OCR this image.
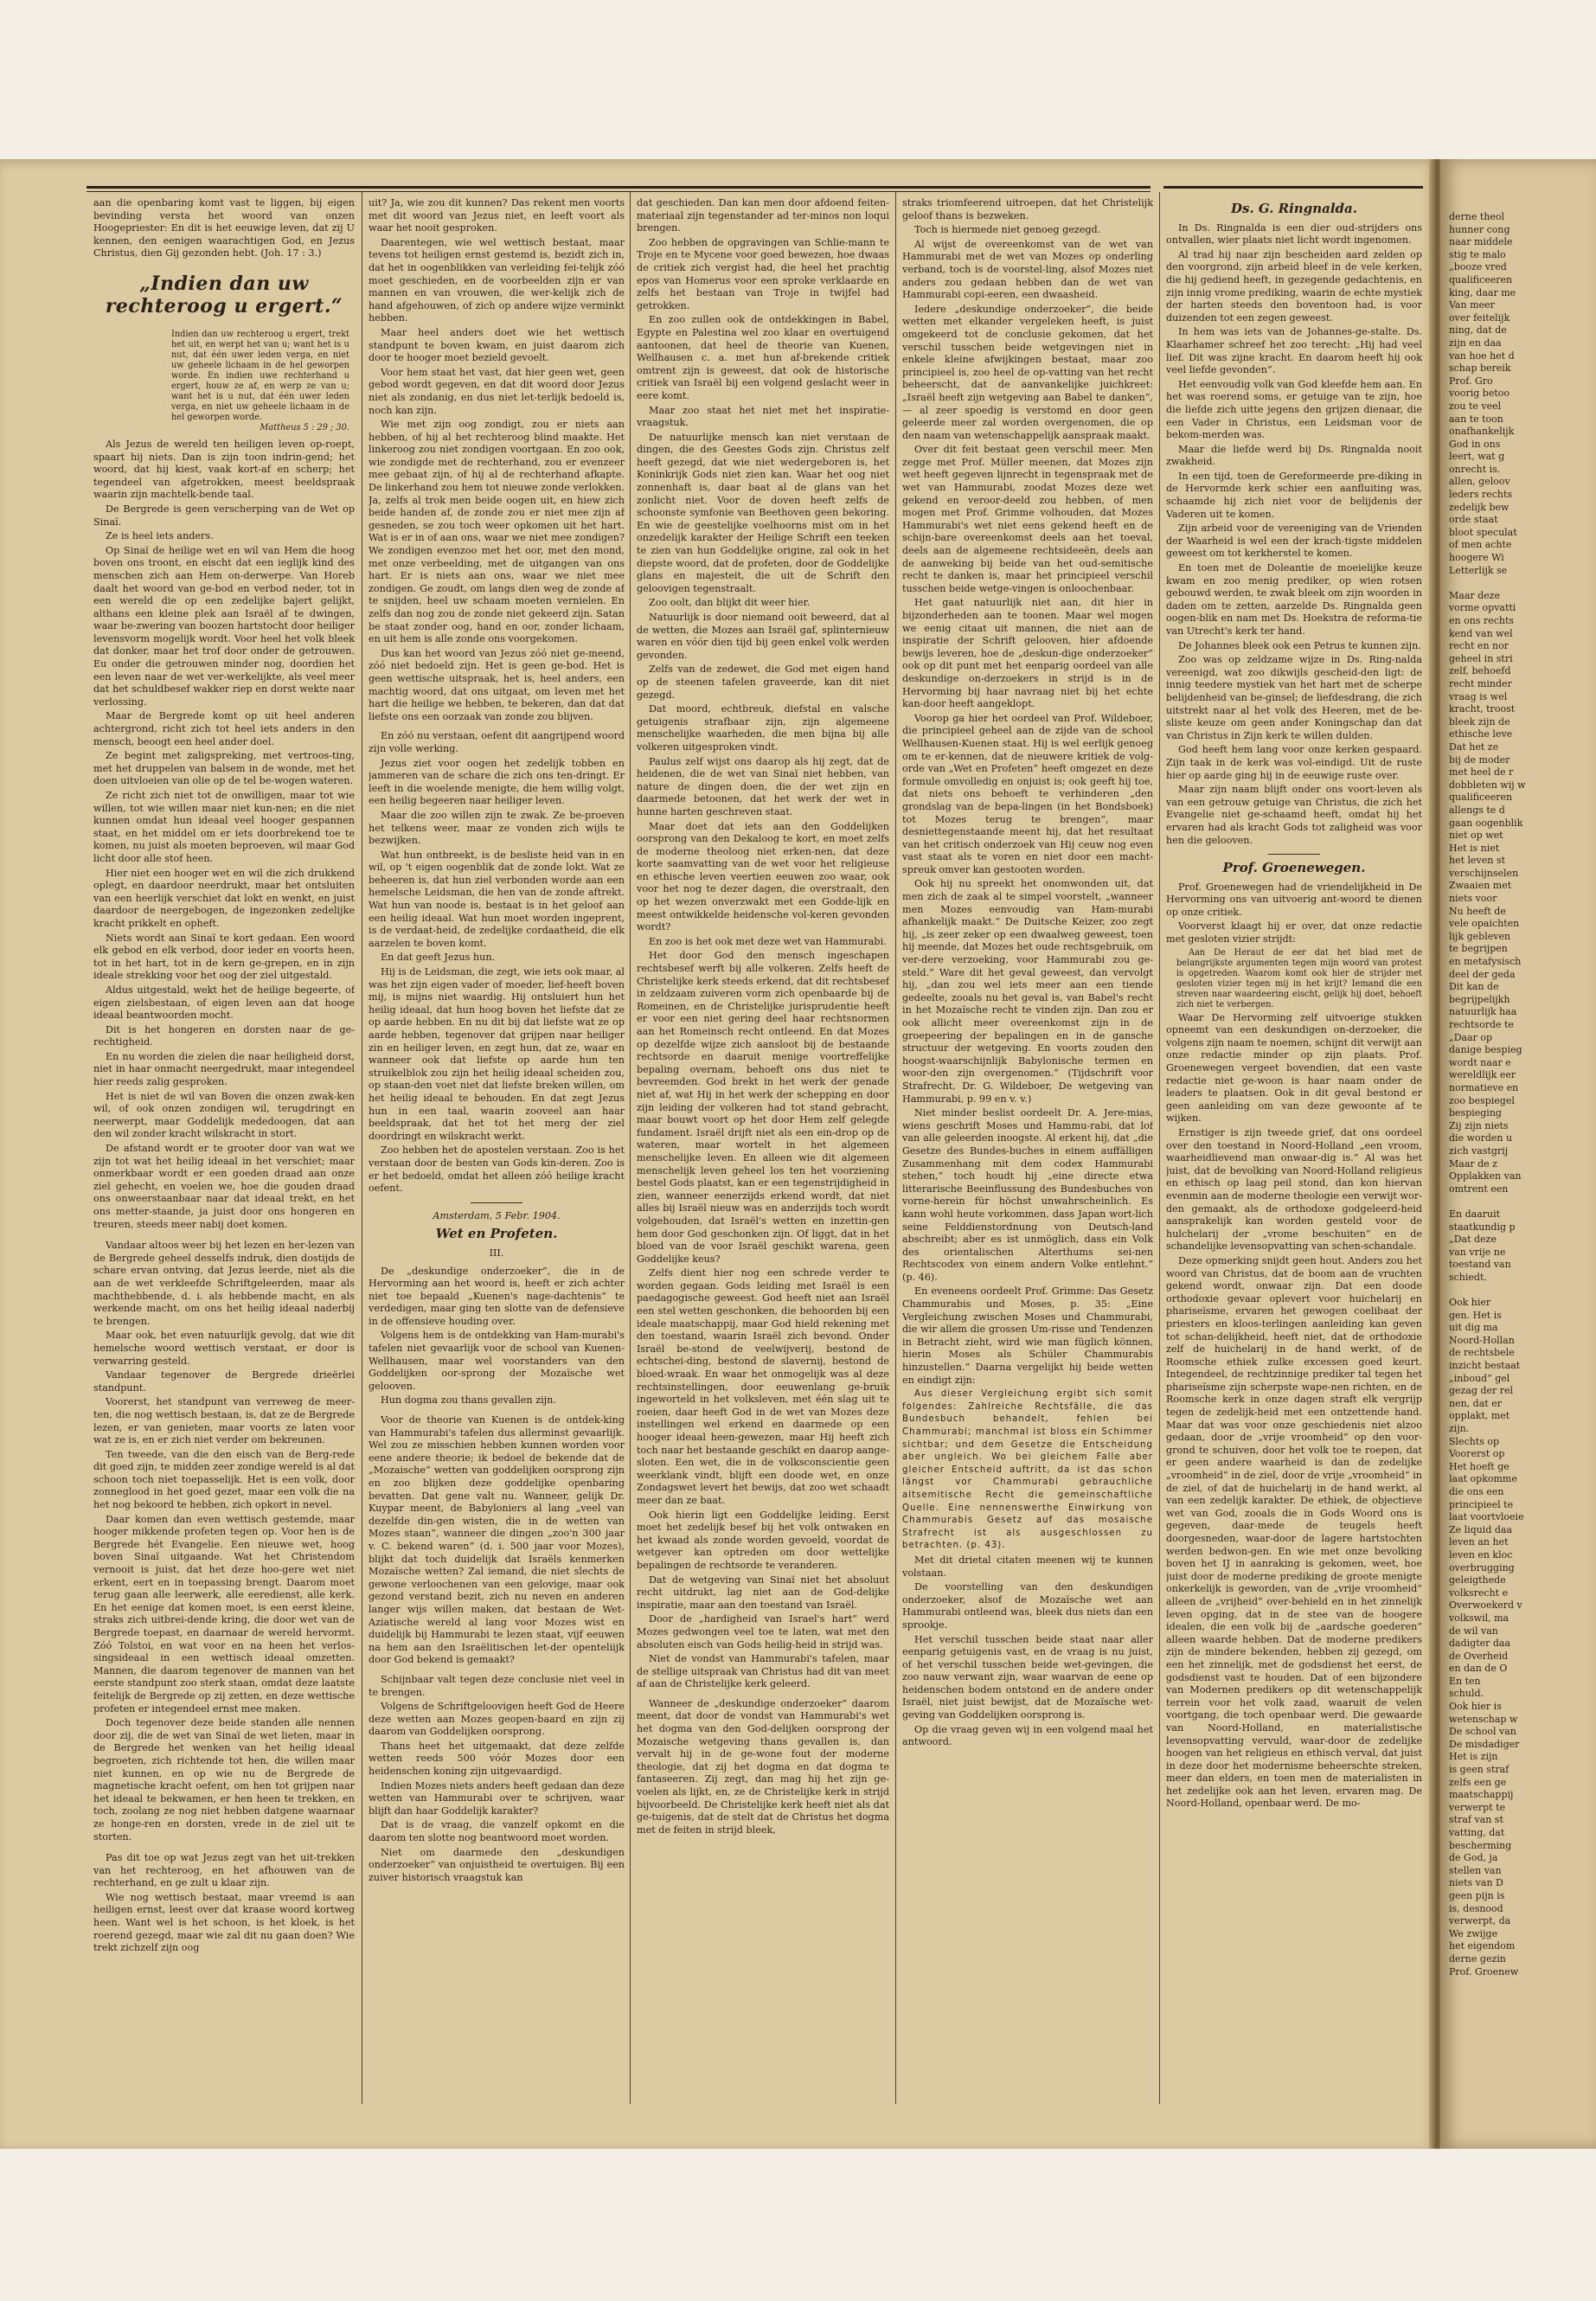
derne theol
hunner cong
naar middele
stig te malo
„booze vred
qualificeeren
king, daar me
Van meer
over feitelijk
ning, dat de
zijn en daa
van hoe het d
schap bereik
Prof. Gro
voorig betoo
zou te veel
aan te toon
onafhankelijk
God in ons
leert, wat g
onrecht is.
allen, geloov
leders rechts
zedelijk bew
orde staat
bloot speculat
of men achte
hoogere Wi
Letterlijk se

Maar deze
vorme opvatti
en ons rechts
kend van wel
recht en nor
geheel in stri
zelf, behoefd
recht minder
vraag is wel
kracht, troost
bleek zijn de
ethische leve
Dat het ze
bij de moder
met heel de r
dobbleten wij w
qualificeeren
allengs te d
gaan oogenblik
niet op wet
Het is niet
het leven st
verschijnselen
Zwaaien met
niets voor
Nu heeft de
vele opaichten
lijk gebleven
te begrijpen
en metafysisch
deel der geda
Dit kan de
begrijpelijkh
natuurlijk haa
rechtsorde te
„Daar op
danige bespieg
wordt naar e
wereldlijk eer
normatieve en
zoo bespiegel
bespieging
Zij zijn niets
die worden u
zich vastgrij
Maar de z
Opplakken van
omtrent een

En daaruit
staatkundig p
„Dat deze
van vrije ne
toestand van
schiedt.

Ook hier
gen. Het is
uit dig ma
Noord-Hollan
de rechtsbele
inzicht bestaat
„inboud“ gel
gezag der rel
nen, dat er
opplakt, met
zijn.
Slechts op
Voorerst op
Het hoeft ge
laat opkomme
die ons een
principieel te
laat voortvloeie
Ze liquid daa
leven an het
leven en kloc
overbrugging
geleigthede
volksrecht e
Overwoekerd v
volkswil, ma
de wil van
dadigter daa
de Overheid
en dan de O
En ten
schuld.
Ook hier is
wetenschap w
De school van
De misdadiger
Het is zijn
is geen straf
zelfs een ge
maatschappij
verwerpt te
straf van st
vatting, dat
bescherming
de God, ja
stellen van
niets van D
geen pijn is
is, desnood
verwerpt, da
We zwijge
het eigendom
derne gezin
Prof. Groenew

aan die openbaring komt vast te liggen, bij eigen bevinding versta het woord van onzen Hoogepriester: En dit is het eeuwige leven, dat zij U kennen, den eenigen waarachtigen God, en Jezus Christus, dien Gij gezonden hebt. (Joh. 17 : 3.)

„Indien dan uw rechteroog u ergert.“
Indien dan uw rechteroog u ergert, trekt het uit, en werpt het van u; want het is u nut, dat één uwer leden verga, en niet uw geheele lichaam in de hel geworpen worde. En indien uwe rechterhand u ergert, houw ze af, en werp ze van u; want het is u nut, dat één uwer leden verga, en niet uw geheele lichaam in de hel geworpen worde.
Mattheus 5 : 29 ; 30.

Als Jezus de wereld ten heiligen leven op-roept, spaart hij niets. Dan is zijn toon indrin-gend; het woord, dat hij kiest, vaak kort-af en scherp; het tegendeel van afgetrokken, meest beeldspraak waarin zijn machtelk-bende taal.

De Bergrede is geen verscherping van de Wet op Sinaï.

Ze is heel iets anders.

Op Sinaï de heilige wet en wil van Hem die hoog boven ons troont, en eischt dat een ieglijk kind des menschen zich aan Hem on-derwerpe. Van Horeb daalt het woord van ge-bod en verbod neder, tot in een wereld die op een zedelijke bajert gelijkt, althans een kleine plek aan Israël af te dwingen, waar be-zwering van boozen hartstocht door heiliger levensvorm mogelijk wordt. Voor heel het volk bleek dat donker, maar het trof door onder de getrouwen. Eu onder die getrouwen minder nog, doordien het een leven naar de wet ver-werkelijkte, als veel meer dat het schuldbesef wakker riep en dorst wekte naar verlossing.

Maar de Bergrede komt op uit heel anderen achtergrond, richt zich tot heel iets anders in den mensch, beoogt een heel ander doel.

Ze begint met zaligspreking, met vertroos-ting, met het druppelen van balsem in de wonde, met het doen uitvloeien van olie op de tel be-wogen wateren.

Ze richt zich niet tot de onwilligen, maar tot wie willen, tot wie willen maar niet kun-nen; en die niet kunnen omdat hun ideaal veel hooger gespannen staat, en het middel om er iets doorbrekend toe te komen, nu juist als moeten beproeven, wil maar God licht door alle stof heen.

Hier niet een hooger wet en wil die zich drukkend oplegt, en daardoor neerdrukt, maar het ontsluiten van een heerlijk verschiet dat lokt en wenkt, en juist daardoor de neergebogen, de ingezonken zedelijke kracht prikkelt en opheft.

Niets wordt aan Sinaï te kort gedaan. Een woord elk gebod en elk verbod, door ieder en voorts heen, tot in het hart, tot in de kern ge-grepen, en in zijn ideale strekking voor het oog der ziel uitgestald.

Aldus uitgestald, wekt het de heilige begeerte, of eigen zielsbestaan, of eigen leven aan dat hooge ideaal beantwoorden mocht.

Dit is het hongeren en dorsten naar de ge-rechtigheid.

En nu worden die zielen die naar heiligheid dorst, niet in haar onmacht neergedrukt, maar integendeel hier reeds zalig gesproken.

Het is niet de wil van Boven die onzen zwak-ken wil, of ook onzen zondigen wil, terugdringt en neerwerpt, maar Goddelijk mededoogen, dat aan den wil zonder kracht wilskracht in stort.

De afstand wordt er te grooter door van wat we zijn tot wat het heilig ideaal in het verschiet; maar onmerkbaar wordt er een goeden draad aan onze ziel gehecht, en voelen we, hoe die gouden draad ons onweerstaanbaar naar dat ideaal trekt, en het ons metter-staande, ja juist door ons hongeren en treuren, steeds meer nabij doet komen.

Vandaar altoos weer bij het lezen en her-lezen van de Bergrede geheel desselfs indruk, dien dostijds de schare ervan ontving, dat Jezus leerde, niet als die aan de wet verkleefde Schriftgeleerden, maar als machthebbende, d. i. als hebbende macht, en als werkende macht, om ons het heilig ideaal naderbij te brengen.

Maar ook, het even natuurlijk gevolg, dat wie dit hemelsche woord wettisch verstaat, er door is verwarring gesteld.

Vandaar tegenover de Bergrede drieërlei standpunt.

Voorerst, het standpunt van verreweg de meer-ten, die nog wettisch bestaan, is, dat ze de Bergrede lezen, er van genieten, maar voorts ze laten voor wat ze is, en er zich niet verder om bekreunen.

Ten tweede, van die den eisch van de Berg-rede dit goed zijn, te midden zeer zondige wereld is al dat schoon toch niet toepasselijk. Het is een volk, door zonneglood in het goed gezet, maar een volk die na het nog bekoord te hebben, zich opkort in nevel.

Daar komen dan even wettisch gestemde, maar hooger mikkende profeten tegen op. Voor hen is de Bergrede hét Evangelie. Een nieuwe wet, hoog boven Sinaï uitgaande. Wat het Christendom vernooit is juist, dat het deze hoo-gere wet niet erkent, eert en in toepassing brengt. Daarom moet terug gaan alle leerwerk, alle eeredienst, alle kerk. En het eenige dat komen moet, is een eerst kleine, straks zich uitbrei-dende kring, die door wet van de Bergrede toepast, en daarnaar de wereld hervormt. Zóó Tolstoi, en wat voor en na heen het verlos-singsideaal in een wettisch ideaal omzetten. Mannen, die daarom tegenover de mannen van het eerste standpunt zoo sterk staan, omdat deze laatste feitelijk de Bergrede op zij zetten, en deze wettische profeten er integendeel ernst mee maken.

Doch tegenover deze beide standen alle nennen door zij, die de wet van Sinaï de wet lieten, maar in de Bergrede het wenken van het heilig ideaal begroeten, zich richtende tot hen, die willen maar niet kunnen, en op wie nu de Bergrede de magnetische kracht oefent, om hen tot grijpen naar het ideaal te bekwamen, er hen heen te trekken, en toch, zoolang ze nog niet hebben datgene waarnaar ze honge-ren en dorsten, vrede in de ziel uit te storten.

Pas dit toe op wat Jezus zegt van het uit-trekken van het rechteroog, en het afhouwen van de rechterhand, en ge zult u klaar zijn.

Wie nog wettisch bestaat, maar vreemd is aan heiligen ernst, leest over dat kraase woord kortweg heen. Want wel is het schoon, is het kloek, is het roerend gezegd, maar wie zal dit nu gaan doen? Wie trekt zichzelf zijn oog

uit? Ja, wie zou dit kunnen? Das rekent men voorts met dit woord van Jezus niet, en leeft voort als waar het nooit gesproken.

Daarentegen, wie wel wettisch bestaat, maar tevens tot heiligen ernst gestemd is, bezidt zich in, dat het in oogenblikken van verleiding fei-telijk zóó moet geschieden, en de voorbeelden zijn er van mannen en van vrouwen, die wer-kelijk zich de hand afgehouwen, of zich op andere wijze verminkt hebben.

Maar heel anders doet wie het wettisch standpunt te boven kwam, en juist daarom zich door te hooger moet bezield gevoelt.

Voor hem staat het vast, dat hier geen wet, geen gebod wordt gegeven, en dat dit woord door Jezus niet als zondanig, en dus niet let-terlijk bedoeld is, noch kan zijn.

Wie met zijn oog zondigt, zou er niets aan hebben, of hij al het rechteroog blind maakte. Het linkeroog zou niet zondigen voortgaan. En zoo ook, wie zondigde met de rechterhand, zou er evenzeer mee gebaat zijn, of hij al de rechterhand afkapte. De linkerhand zou hem tot nieuwe zonde verlokken. Ja, zelfs al trok men beide oogen uit, en hiew zich beide handen af, de zonde zou er niet mee zijn af gesneden, se zou toch weer opkomen uit het hart. Wat is er in of aan ons, waar we niet mee zondigen? We zondigen evenzoo met het oor, met den mond, met onze verbeelding, met de uitgangen van ons hart. Er is niets aan ons, waar we niet mee zondigen. Ge zoudt, om langs dien weg de zonde af te snijden, heel uw schaam moeten vernielen. En zelfs dan nog zou de zonde niet gekeerd zijn. Satan be staat zonder oog, hand en oor, zonder lichaam, en uit hem is alle zonde ons voorgekomen.

Dus kan het woord van Jezus zóó niet ge-meend, zóó niet bedoeld zijn. Het is geen ge-bod. Het is geen wettische uitspraak, het is, heel anders, een machtig woord, dat ons uitgaat, om leven met het hart die heilige we hebben, te bekeren, dan dat dat liefste ons een oorzaak van zonde zou blijven.

En zóó nu verstaan, oefent dit aangrijpend woord zijn volle werking.

Jezus ziet voor oogen het zedelijk tobben en jammeren van de schare die zich ons ten-dringt. Er leeft in die woelende menigte, die hem willig volgt, een heilig begeeren naar heiliger leven.

Maar die zoo willen zijn te zwak. Ze be-proeven het telkens weer, maar ze vonden zich wijls te bezwijken.

Wat hun ontbreekt, is de besliste heid van in en wil, op 't eigen oogenblik dat de zonde lokt. Wat ze beheeren is, dat hun ziel verbonden worde aan een hemelsche Leidsman, die hen van de zonde aftrekt. Wat hun van noode is, bestaat is in het geloof aan een heilig ideaal. Wat hun moet worden ingeprent, is de verdaat-heid, de zedelijke cordaatheid, die elk aarzelen te boven komt.

En dat geeft Jezus hun.

Hij is de Leidsman, die zegt, wie iets ook maar, al was het zijn eigen vader of moeder, lief-heeft boven mij, is mijns niet waardig. Hij ontsluiert hun het heilig ideaal, dat hun hoog boven het liefste dat ze op aarde hebben. En nu dit bij dat liefste wat ze op aarde hebben, tegenover dat grijpen naar heiliger zin en heiliger leven, en zegt hun, dat ze, waar en wanneer ook dat liefste op aarde hun ten struikelblok zou zijn het heilig ideaal scheiden zou, op staan-den voet niet dat liefste breken willen, om het heilig ideaal te behouden. En dat zegt Jezus hun in een taal, waarin zooveel aan haar beeldspraak, dat het tot het merg der ziel doordringt en wilskracht werkt.

Zoo hebben het de apostelen verstaan. Zoo is het verstaan door de besten van Gods kin-deren. Zoo is er het bedoeld, omdat het alleen zóó heilige kracht oefent.

Amsterdam, 5 Febr. 1904.
Wet en Profeten.
III.

De „deskundige onderzoeker“, die in de Hervorming aan het woord is, heeft er zich achter niet toe bepaald „Kuenen's nage-dachtenis“ te verdedigen, maar ging ten slotte van de defensieve in de offensieve houding over.

Volgens hem is de ontdekking van Ham-murabi's tafelen niet gevaarlijk voor de school van Kuenen-Wellhausen, maar wel voorstanders van den Goddelijken oor-sprong der Mozaïsche wet gelooven.

Hun dogma zou thans gevallen zijn.

Voor de theorie van Kuenen is de ontdek-king van Hammurabi's tafelen dus allerminst gevaarlijk. Wel zou ze misschien hebben kunnen worden voor eene andere theorie; ik bedoel de bekende dat de „Mozaische“ wetten van goddelijken oorsprong zijn en zoo blijken deze goddelijke openbaring bevatten. Dat gene valt nu. Wanneer, gelijk Dr. Kuypar meent, de Babyloniers al lang „veel van dezelfde din-gen wisten, die in de wetten van Mozes staan“, wanneer die dingen „zoo'n 300 jaar v. C. bekend waren“ (d. i. 500 jaar voor Mozes), blijkt dat toch duidelijk dat Israëls kenmerken Mozaïsche wetten? Zal iemand, die niet slechts de gewone verloochenen van een gelovige, maar ook gezond verstand bezit, zich nu neven en anderen langer wijs willen maken, dat bestaan de Wet-Aziatische wereld al lang voor Mozes wist en duidelijk bij Hammurabi te lezen staat, vijf eeuwen na hem aan den Israëlitischen let-der openteliijk door God bekend is gemaakt?

Schijnbaar valt tegen deze conclusie niet veel in te brengen.

Volgens de Schriftgeloovigen heeft God de Heere deze wetten aan Mozes geopen-baard en zijn zij daarom van Goddelijken oorsprong.

Thans heet het uitgemaakt, dat deze zelfde wetten reeds 500 vóór Mozes door een heidenschen koning zijn uitgevaardigd.

Indien Mozes niets anders heeft gedaan dan deze wetten van Hammurabi over te schrijven, waar blijft dan haar Goddelijk karakter?

Dat is de vraag, die vanzelf opkomt en die daarom ten slotte nog beantwoord moet worden.

Niet om daarmede den „deskundigen onderzoeker“ van onjuistheid te overtuigen. Bij een zuiver historisch vraagstuk kan

dat geschieden. Dan kan men door afdoend feiten-materiaal zijn tegenstander ad ter-minos non loqui brengen.

Zoo hebben de opgravingen van Schlie-mann te Troje en te Mycene voor goed bewezen, hoe dwaas de critiek zich vergist had, die heel het prachtig epos van Homerus voor een sproke verklaarde en zelfs het bestaan van Troje in twijfel had getrokken.

En zoo zullen ook de ontdekkingen in Babel, Egypte en Palestina wel zoo klaar en overtuigend aantoonen, dat heel de theorie van Kuenen, Wellhausen c. a. met hun af-brekende critiek omtrent zijn is geweest, dat ook de historische critiek van Israël bij een volgend geslacht weer in eere komt.

Maar zoo staat het niet met het inspiratie-vraagstuk.

De natuurlijke mensch kan niet verstaan de dingen, die des Geestes Gods zijn. Christus zelf heeft gezegd, dat wie niet wedergeboren is, het Koninkrijk Gods niet zien kan. Waar het oog niet zonnenhaft is, daar baat al de glans van het zonlicht niet. Voor de doven heeft zelfs de schoonste symfonie van Beethoven geen bekoring. En wie de geestelijke voelhoorns mist om in het onzedelijk karakter der Heilige Schrift een teeken te zien van hun Goddelijke origine, zal ook in het diepste woord, dat de profeten, door de Goddelijke glans en majesteit, die uit de Schrift den geloovigen tegenstraalt.

Zoo oolt, dan blijkt dit weer hier.

Natuurlijk is door niemand ooit beweerd, dat al de wetten, die Mozes aan Israël gaf, splinternieuw waren en vóór dien tijd bij geen enkel volk werden gevonden.

Zelfs van de zedewet, die God met eigen hand op de steenen tafelen graveerde, kan dit niet gezegd.

Dat moord, echtbreuk, diefstal en valsche getuigenis strafbaar zijn, zijn algemeene menschelijke waarheden, die men bijna bij alle volkeren uitgesproken vindt.

Paulus zelf wijst ons daarop als hij zegt, dat de heidenen, die de wet van Sinaï niet hebben, van nature de dingen doen, die der wet zijn en daarmede betoonen, dat het werk der wet in hunne harten geschreven staat.

Maar doet dat iets aan den Goddelijken oorsprong van den Dekaloog te kort, en moet zelfs de moderne theoloog niet erken-nen, dat deze korte saamvatting van de wet voor het religieuse en ethische leven veertien eeuwen zoo waar, ook voor het nog te dezer dagen, die overstraalt, den op het wezen onverzwakt met een Godde-lijk en meest ontwikkelde heidensche vol-keren gevonden wordt?

En zoo is het ook met deze wet van Hammurabi.

Het door God den mensch ingeschapen rechtsbesef werft bij alle volkeren. Zelfs heeft de Christelijke kerk steeds erkend, dat dit rechtsbesef in zeldzaam zuiveren vorm zich openbaarde bij de Romeinen, en de Christelijke jurisprudentie heeft er voor een niet gering deel haar rechtsnormen aan het Romeinsch recht ontleend. En dat Mozes op dezelfde wijze zich aansloot bij de bestaande rechtsorde en daaruit menige voortreffelijke bepaling overnam, behoeft ons dus niet te bevreemden. God brekt in het werk der genade niet af, wat Hij in het werk der schepping en door zijn leiding der volkeren had tot stand gebracht, maar bouwt voort op het door Hem zelf gelegde fundament. Israël drijft niet als een ein-drop op de wateren, maar wortelt in het algemeen menschelijke leven. En alleen wie dit algemeen menschelijk leven geheel los ten het voorziening bestel Gods plaatst, kan er een tegenstrijdigheid in zien, wanneer eenerzijds erkend wordt, dat niet alles bij Israël nieuw was en anderzijds toch wordt volgehouden, dat Israël's wetten en inzettin-gen hem door God geschonken zijn. Of liggt, dat in het bloed van de voor Israël geschikt warena, geen Goddelijke keus?

Zelfs dient hier nog een schrede verder te worden gegaan. Gods leiding met Israël is een paedagogische geweest. God heeft niet aan Israël een stel wetten geschonken, die behoorden bij een ideale maatschappij, maar God hield rekening met den toestand, waarin Israël zich bevond. Onder Israël be-stond de veelwijverij, bestond de echtschei-ding, bestond de slavernij, bestond de bloed-wraak. En waar het onmogelijk was al deze rechtsinstellingen, door eeuwenlang ge-bruik ingeworteld in het volksleven, met één slag uit te roeien, daar heeft God in de wet van Mozes deze instellingen wel erkend en daarmede op een hooger ideaal heen-gewezen, maar Hij heeft zich toch naar het bestaande geschikt en daarop aange-sloten. Een wet, die in de volksconscientie geen weerklank vindt, blijft een doode wet, en onze Zondagswet levert het bewijs, dat zoo wet schaadt meer dan ze baat.

Ook hierin ligt een Goddelijke leiding. Eerst moet het zedelijk besef bij het volk ontwaken en het kwaad als zonde worden gevoeld, voordat de wetgever kan optreden om door wettelijke bepalingen de rechtsorde te veranderen.

Dat de wetgeving van Sinaï niet het absoluut recht uitdrukt, lag niet aan de God-delijke inspiratie, maar aan den toestand van Israël.

Door de „hardigheid van Israel's hart“ werd Mozes gedwongen veel toe te laten, wat met den absoluten eisch van Gods heilig-heid in strijd was.

Niet de vondst van Hammurabi's tafelen, maar de stellige uitspraak van Christus had dit van meet af aan de Christelijke kerk geleerd.

Wanneer de „deskundige onderzoeker“ daarom meent, dat door de vondst van Hammurabi's wet het dogma van den God-delijken oorsprong der Mozaische wetgeving thans gevallen is, dan vervalt hij in de ge-wone fout der moderne theologie, dat zij het dogma en dat dogma te fantaseeren. Zij zegt, dan mag hij het zijn ge-voelen als lijkt, en, ze de Christelijke kerk in strijd bijvoorbeeld. De Christelijke kerk heeft niet als dat ge-tuigenis, dat de stelt dat de Christus het dogma met de feiten in strijd bleek,

straks triomfeerend uitroepen, dat het Christelijk geloof thans is bezweken.

Toch is hiermede niet genoeg gezegd.

Al wijst de overeenkomst van de wet van Hammurabi met de wet van Mozes op onderling verband, toch is de voorstel-ling, alsof Mozes niet anders zou gedaan hebben dan de wet van Hammurabi copi-eeren, een dwaasheid.

Iedere „deskundige onderzoeker“, die beide wetten met elkander vergeleken heeft, is juist omgekeerd tot de conclusie gekomen, dat het verschil tusschen beide wetgevingen niet in enkele kleine afwijkingen bestaat, maar zoo principieel is, zoo heel de op-vatting van het recht beheerscht, dat de aanvankelijke juichkreet: „Israël heeft zijn wetgeving aan Babel te danken“, — al zeer spoedig is verstomd en door geen geleerde meer zal worden overgenomen, die op den naam van wetenschappelijk aanspraak maakt.

Over dit feit bestaat geen verschil meer. Men zegge met Prof. Müller meenen, dat Mozes zijn wet heeft gegeven lijnrecht in tegenspraak met de wet van Hammurabi, zoodat Mozes deze wet gekend en veroor-deeld zou hebben, of men mogen met Prof. Grimme volhouden, dat Mozes Hammurabi's wet niet eens gekend heeft en de schijn-bare overeenkomst deels aan het toeval, deels aan de algemeene rechtsideeën, deels aan de aanweking bij beide van het oud-semitische recht te danken is, maar het principieel verschil tusschen beide wetge-vingen is onloochenbaar.

Het gaat natuurlijk niet aan, dit hier in bijzonderheden aan te toonen. Maar wel mogen we eenig citaat uit mannen, die niet aan de inspiratie der Schrift gelooven, hier afdoende bewijs leveren, hoe de „deskun-dige onderzoeker“ ook op dit punt met het eenparig oordeel van alle deskundige on-derzoekers in strijd is in de Hervorming bij haar navraag niet bij het echte kan-door heeft aangeklopt.

Voorop ga hier het oordeel van Prof. Wildeboer, die principieel geheel aan de zijde van de school Wellhausen-Kuenen staat. Hij is wel eerlijk genoeg om te er-kennen, dat de nieuwere kritiek de volg-orde van „Wet en Profeten“ heeft omgezet en deze formule omvolledig en onjuist is; ook geeft hij toe, dat niets ons behoeft te verhinderen „den grondslag van de bepa-lingen (in het Bondsboek) tot Mozes terug te brengen“, maar desniettegenstaande meent hij, dat het resultaat van het critisch onderzoek van Hij ceuw nog even vast staat als te voren en niet door een macht-spreuk omver kan gestooten worden.

Ook hij nu spreekt het onomwonden uit, dat men zich de zaak al te simpel voorstelt, „wanneer men Mozes eenvoudig van Ham-murabi afhankelijk maakt.“ De Duitsche Keizer, zoo zegt hij, „is zeer zeker op een dwaalweg geweest, toen hij meende, dat Mozes het oude rechtsgebruik, om ver-dere verzoeking, voor Hammurabi zou ge-steld.“ Ware dit het geval geweest, dan vervolgt hij, „dan zou wel iets meer aan een tiende gedeelte, zooals nu het geval is, van Babel's recht in het Mozaïsche recht te vinden zijn. Dan zou er ook allicht meer overeenkomst zijn in de groepeering der bepalingen en in de gansche structuur der wetgeving. En voorts zouden den hoogst-waarschijnlijk Babylonische termen en woor-den zijn overgenomen.“ (Tijdschrift voor Strafrecht, Dr. G. Wildeboer, De wetgeving van Hammurabi, p. 99 en v. v.)

Niet minder beslist oordeelt Dr. A. Jere-mias, wiens geschrift Moses und Hammu-rabi, dat lof van alle geleerden inoogste. Al erkent hij, dat „die Gesetze des Bundes-buches in einem auffälligen Zusammenhang mit dem codex Hammurabi stehen,“ toch houdt hij „eine directe etwa litterarische Beeinflussung des Bundesbuches von vorne-herein für höchst unwahrscheinlich. Es kann wohl heute vorkommen, dass Japan wort-lich seine Felddienstordnung von Deutsch-land abschreibt; aber es ist unmöglich, dass ein Volk des orientalischen Alterthums sei-nen Rechtscodex von einem andern Volke entlehnt.“ (p. 46).

En eveneens oordeelt Prof. Grimme: Das Gesetz Chammurabis und Moses, p. 35: „Eine Vergleichung zwischen Moses und Chammurabi, die wir allem die grossen Um-risse und Tendenzen in Betracht zieht, wird wie man füglich können, hierin Moses als Schüler Chammurabis hinzustellen.“ Daarna vergelijkt hij beide wetten en eindigt zijn:

Aus dieser Vergleichung ergibt sich somit folgendes: Zahlreiche Rechtsfälle, die das Bundesbuch behandelt, fehlen bei Chammurabi; manchmal ist bloss ein Schimmer sichtbar; und dem Gesetze die Entscheidung aber ungleich. Wo bei gleichem Falle aber gleicher Entscheid auftritt, da ist das schon längst vor Chammurabi gebrauchliche altsemitische Recht die gemeinschaftliche Quelle. Eine nennenswerthe Einwirkung von Chammurabis Gesetz auf das mosaische Strafrecht ist als ausgeschlossen zu betrachten. (p. 43).

Met dit drietal citaten meenen wij te kunnen volstaan.

De voorstelling van den deskundigen onderzoeker, alsof de Mozaïsche wet aan Hammurabi ontleend was, bleek dus niets dan een sprookje.

Het verschil tusschen beide staat naar aller eenparig getuigenis vast, en de vraag is nu juist, of het verschil tusschen beide wet-gevingen, die zoo nauw verwant zijn, waar waarvan de eene op heidenschen bodem ontstond en de andere onder Israël, niet juist bewijst, dat de Mozaïsche wet-geving van Goddelijken oorsprong is.

Op die vraag geven wij in een volgend maal het antwoord.

Ds. G. Ringnalda.

In Ds. Ringnalda is een dier oud-strijders ons ontvallen, wier plaats niet licht wordt ingenomen.

Al trad hij naar zijn bescheiden aard zelden op den voorgrond, zijn arbeid bleef in de vele kerken, die hij gediend heeft, in gezegende gedachtenis, en zijn innig vrome prediking, waarin de echte mystiek der harten steeds den boventoon had, is voor duizenden tot een zegen geweest.

In hem was iets van de Johannes-ge-stalte. Ds. Klaarhamer schreef het zoo terecht: „Hij had veel lief. Dit was zijne kracht. En daarom heeft hij ook veel liefde gevonden“.

Het eenvoudig volk van God kleefde hem aan. En het was roerend soms, er getuige van te zijn, hoe die liefde zich uitte jegens den grijzen dienaar, die een Vader in Christus, een Leidsman voor de bekom-merden was.

Maar die liefde werd bij Ds. Ringnalda nooit zwakheid.

In een tijd, toen de Gereformeerde pre-diking in de Hervormde kerk schier een aanfluiting was, schaamde hij zich niet voor de belijdenis der Vaderen uit te komen.

Zijn arbeid voor de vereeniging van de Vrienden der Waarheid is wel een der krach-tigste middelen geweest om tot kerkherstel te komen.

En toen met de Doleantie de moeielijke keuze kwam en zoo menig prediker, op wien rotsen gebouwd werden, te zwak bleek om zijn woorden in daden om te zetten, aarzelde Ds. Ringnalda geen oogen-blik en nam met Ds. Hoekstra de reforma-tie van Utrecht's kerk ter hand.

De Johannes bleek ook een Petrus te kunnen zijn.

Zoo was op zeldzame wijze in Ds. Ring-nalda vereenigd, wat zoo dikwijls gescheid-den ligt: de innig teedere mystiek van het hart met de scherpe belijdenheid van be-ginsel; de liefdesdrang, die zich uitstrekt naar al het volk des Heeren, met de be-sliste keuze om geen ander Koningschap dan dat van Christus in Zijn kerk te willen dulden.

God heeft hem lang voor onze kerken gespaard. Zijn taak in de kerk was vol-eindigd. Uit de ruste hier op aarde ging hij in de eeuwige ruste over.

Maar zijn naam blijft onder ons voort-leven als van een getrouw getuige van Christus, die zich het Evangelie niet ge-schaamd heeft, omdat hij het ervaren had als kracht Gods tot zaligheid was voor hen die gelooven.

Prof. Groenewegen.

Prof. Groenewegen had de vriendelijkheid in De Hervorming ons van uitvoerig ant-woord te dienen op onze critiek.

Voorverst klaagt hij er over, dat onze redactie met gesloten vizier strijdt:

Aan De Heraut de eer dat het blad met de belangrijkste argumenten tegen mijn woord van protest is opgetreden. Waarom komt ook hier de strijder met gesloten vizier tegen mij in het krijt? Iemand die een streven naar waardeering eischt, gelijk hij doet, behoeft zich niet te verbergen.

Waar De Hervorming zelf uitvoerige stukken opneemt van een deskundigen on-derzoeker, die volgens zijn naam te noemen, schijnt dit verwijt aan onze redactie minder op zijn plaats. Prof. Groenewegen vergeet bovendien, dat een vaste redactie niet ge-woon is haar naam onder de leaders te plaatsen. Ook in dit geval bestond er geen aanleiding om van deze gewoonte af te wijken.

Ernstiger is zijn tweede grief, dat ons oordeel over den toestand in Noord-Holland „een vroom, waarheidlievend man onwaar-dig is.“ Al was het juist, dat de bevolking van Noord-Holland religieus en ethisch op laag peil stond, dan kon hiervan evenmin aan de moderne theologie een verwijt wor-den gemaakt, als de orthodoxe godgeleerd-heid aansprakelijk kan worden gesteld voor de hulchelarij der „vrome beschuiten“ en de schandelijke levensopvatting van schen-schandale.

Deze opmerking snijdt geen hout. Anders zou het woord van Christus, dat de boom aan de vruchten gekend wordt, onwaar zijn. Dat een doode orthodoxie gevaar oplevert voor huichelarij en phariseïsme, ervaren het gewogen coelibaat der priesters en kloos-terlingen aanleiding kan geven tot schan-delijkheid, heeft niet, dat de orthodoxie zelf de huichelarij in de hand werkt, of de Roomsche ethiek zulke excessen goed keurt. Integendeel, de rechtzinnige prediker tal tegen het phariseïsme zijn scherpste wape-nen richten, en de Roomsche kerk in onze dagen straft elk vergrijp tegen de zedelijk-heid met een ontzettende hand. Maar dat was voor onze geschiedenis niet alzoo gedaan, door de „vrije vroomheid“ op den voor-grond te schuiven, door het volk toe te roepen, dat er geen andere waarheid is dan de zedelijke „vroomheid“ in de ziel, door de vrije „vroomheid“ in de ziel, of dat de huichelarij in de hand werkt, al van een zedelijk karakter. De ethiek, de objectieve wet van God, zooals die in Gods Woord ons is gegeven, daar-mede de teugels heeft doorgesneden, waar-door de lagere hartstochten werden bedwon-gen. En wie met onze bevolking boven het IJ in aanraking is gekomen, weet, hoe juist door de moderne prediking de groote menigte onkerkelijk is geworden, van de „vrije vroomheid“ alleen de „vrijheid“ over-behield en in het zinnelijk leven opging, dat in de stee van de hoogere idealen, die een volk bij de „aardsche goederen“ alleen waarde hebben. Dat de moderne predikers zijn de mindere bekenden, hebben zij gezegd, om een het zinnelijk, met de godsdienst het eerst, de godsdienst vast te houden. Dat of een bijzondere van Modernen predikers op dit wetenschappelijk terrein voor het volk zaad, waaruit de velen voortgang, die toch openbaar werd. Die gewaarde van Noord-Holland, en materialistische levensopvatting vervuld, waar-door de zedelijke hoogen van het religieus en ethisch verval, dat juist in deze door het modernisme beheerschte streken, meer dan elders, en toen men de materialisten in het zedelijke ook aan het leven, ervaren mag. De Noord-Holland, openbaar werd. De mo-
